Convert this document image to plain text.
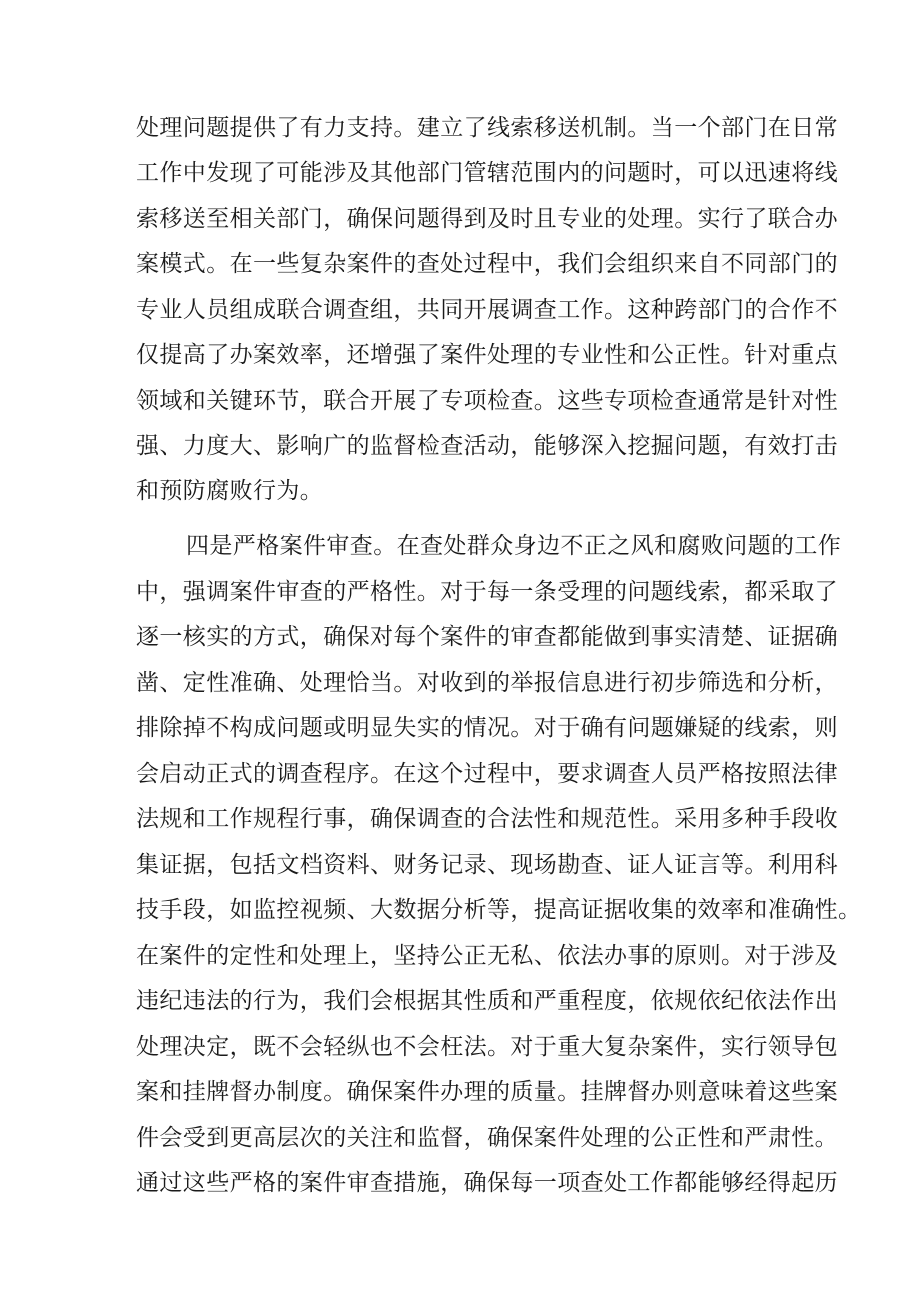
处理问题提供了有力支持。建立了线索移送机制。当一个部门在日常
工作中发现了可能涉及其他部门管辖范围内的问题时，可以迅速将线
索移送至相关部门，确保问题得到及时且专业的处理。实行了联合办
案模式。在一些复杂案件的查处过程中，我们会组织来自不同部门的
专业人员组成联合调查组，共同开展调查工作。这种跨部门的合作不
仅提高了办案效率，还增强了案件处理的专业性和公正性。针对重点
领域和关键环节，联合开展了专项检查。这些专项检查通常是针对性
强、力度大、影响广的监督检查活动，能够深入挖掘问题，有效打击
和预防腐败行为。
四是严格案件审查。在查处群众身边不正之风和腐败问题的工作
中，强调案件审查的严格性。对于每一条受理的问题线索，都采取了
逐一核实的方式，确保对每个案件的审查都能做到事实清楚、证据确
凿、定性准确、处理恰当。对收到的举报信息进行初步筛选和分析，
排除掉不构成问题或明显失实的情况。对于确有问题嫌疑的线索，则
会启动正式的调查程序。在这个过程中，要求调查人员严格按照法律
法规和工作规程行事，确保调查的合法性和规范性。采用多种手段收
集证据，包括文档资料、财务记录、现场勘查、证人证言等。利用科
技手段，如监控视频、大数据分析等，提高证据收集的效率和准确性。
在案件的定性和处理上，坚持公正无私、依法办事的原则。对于涉及
违纪违法的行为，我们会根据其性质和严重程度，依规依纪依法作出
处理决定，既不会轻纵也不会枉法。对于重大复杂案件，实行领导包
案和挂牌督办制度。确保案件办理的质量。挂牌督办则意味着这些案
件会受到更高层次的关注和监督，确保案件处理的公正性和严肃性。
通过这些严格的案件审查措施，确保每一项查处工作都能够经得起历
